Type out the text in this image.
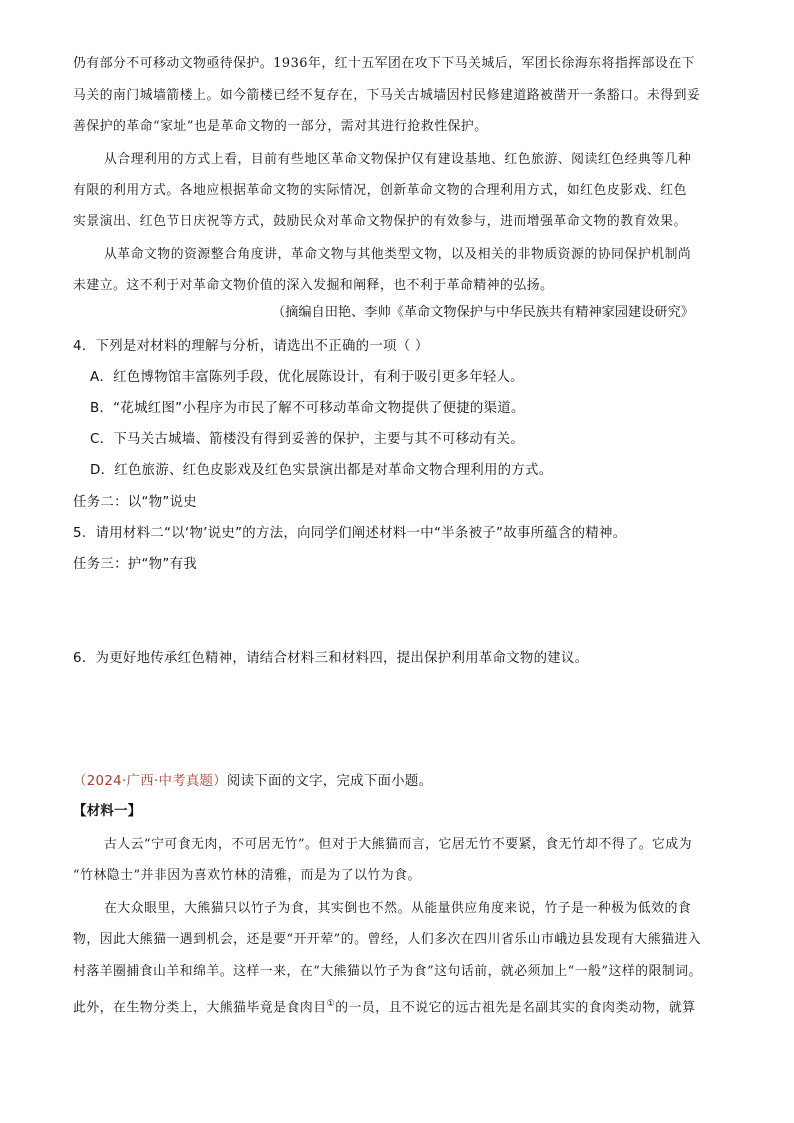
仍有部分不可移动文物亟待保护。1936年，红十五军团在攻下下马关城后，军团长徐海东将指挥部设在下
马关的南门城墙箭楼上。如今箭楼已经不复存在，下马关古城墙因村民修建道路被凿开一条豁口。未得到妥
善保护的革命“家址”也是革命文物的一部分，需对其进行抢救性保护。
从合理利用的方式上看，目前有些地区革命文物保护仅有建设基地、红色旅游、阅读红色经典等几种
有限的利用方式。各地应根据革命文物的实际情况，创新革命文物的合理利用方式，如红色皮影戏、红色
实景演出、红色节日庆祝等方式，鼓励民众对革命文物保护的有效参与，进而增强革命文物的教育效果。
从革命文物的资源整合角度讲，革命文物与其他类型文物，以及相关的非物质资源的协同保护机制尚
未建立。这不利于对革命文物价值的深入发掘和阐释，也不利于革命精神的弘扬。
（摘编自田艳、李帅《革命文物保护与中华民族共有精神家园建设研究》
4．下列是对材料的理解与分析，请选出不正确的一项（ ）
A．红色博物馆丰富陈列手段，优化展陈设计，有利于吸引更多年轻人。
B．“花城红图”小程序为市民了解不可移动革命文物提供了便捷的渠道。
C．下马关古城墙、箭楼没有得到妥善的保护，主要与其不可移动有关。
D．红色旅游、红色皮影戏及红色实景演出都是对革命文物合理利用的方式。
任务二：以“物”说史
5．请用材料二“以‘物’说史”的方法，向同学们阐述材料一中“半条被子”故事所蕴含的精神。
任务三：护“物”有我
6．为更好地传承红色精神，请结合材料三和材料四，提出保护利用革命文物的建议。
（2024·广西·中考真题）阅读下面的文字，完成下面小题。
【材料一】
古人云“宁可食无肉，不可居无竹”。但对于大熊猫而言，它居无竹不要紧，食无竹却不得了。它成为
“竹林隐士”并非因为喜欢竹林的清雅，而是为了以竹为食。
在大众眼里，大熊猫只以竹子为食，其实倒也不然。从能量供应角度来说，竹子是一种极为低效的食
物，因此大熊猫一遇到机会，还是要“开开荤”的。曾经，人们多次在四川省乐山市峨边县发现有大熊猫进入
村落羊圈捕食山羊和绵羊。这样一来，在“大熊猫以竹子为食”这句话前，就必须加上“一般”这样的限制词。
此外，在生物分类上，大熊猫毕竟是食肉目①的一员，且不说它的远古祖先是名副其实的食肉类动物，就算
